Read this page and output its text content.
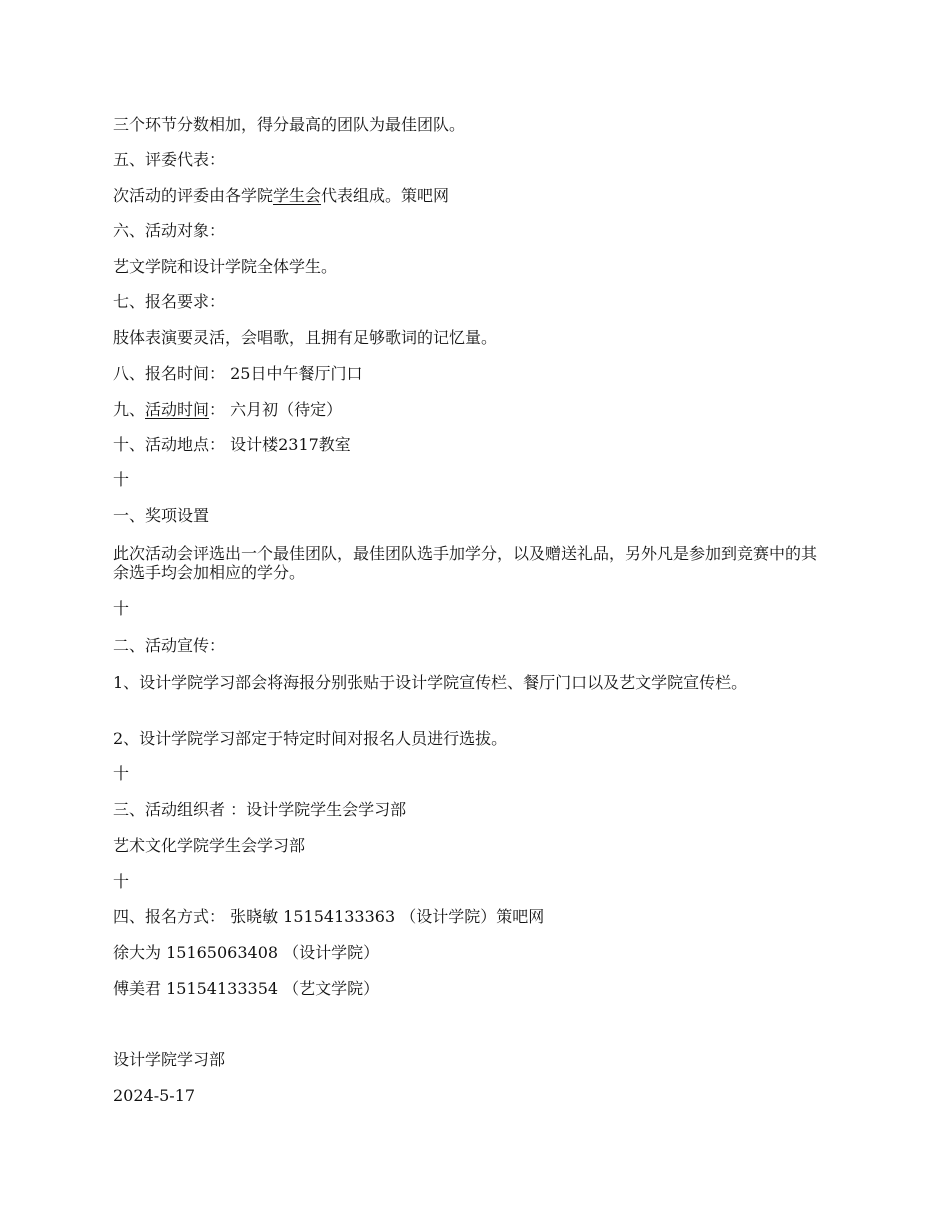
三个环节分数相加，得分最高的团队为最佳团队。

五、评委代表：

次活动的评委由各学院学生会代表组成。策吧网

六、活动对象：

艺文学院和设计学院全体学生。

七、报名要求：

肢体表演要灵活，会唱歌，且拥有足够歌词的记忆量。

八、报名时间： 25日中午餐厅门口

九、活动时间： 六月初（待定）

十、活动地点： 设计楼2317教室

十

一、奖项设置

此次活动会评选出一个最佳团队，最佳团队选手加学分，以及赠送礼品，另外凡是参加到竞赛中的其余选手均会加相应的学分。

十

二、活动宣传：

1、设计学院学习部会将海报分别张贴于设计学院宣传栏、餐厅门口以及艺文学院宣传栏。

2、设计学院学习部定于特定时间对报名人员进行选拔。

十

三、活动组织者 ：设计学院学生会学习部

艺术文化学院学生会学习部

十

四、报名方式： 张晓敏 15154133363 （设计学院）策吧网

徐大为 15165063408 （设计学院）

傅美君 15154133354 （艺文学院）

设计学院学习部

2024-5-17
